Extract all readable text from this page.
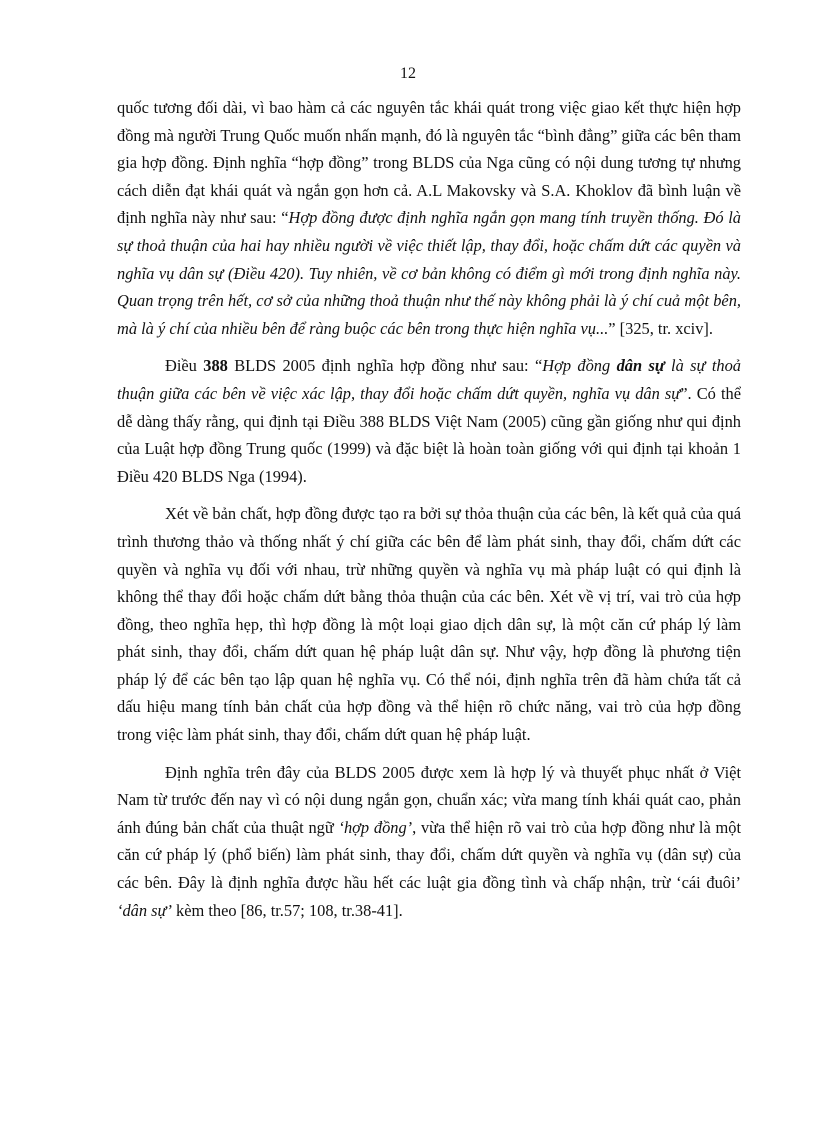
12

quốc tương đối dài, vì bao hàm cả các nguyên tắc khái quát trong việc giao kết thực hiện hợp đồng mà người Trung Quốc muốn nhấn mạnh, đó là nguyên tắc “bình đẳng” giữa các bên tham gia hợp đồng. Định nghĩa “hợp đồng” trong BLDS của Nga cũng có nội dung tương tự nhưng cách diễn đạt khái quát và ngắn gọn hơn cả. A.L Makovsky và S.A. Khoklov đã bình luận về định nghĩa này như sau: “Hợp đồng được định nghĩa ngắn gọn mang tính truyền thống. Đó là sự thoả thuận của hai hay nhiều người về việc thiết lập, thay đổi, hoặc chấm dứt các quyền và nghĩa vụ dân sự (Điều 420). Tuy nhiên, về cơ bản không có điểm gì mới trong định nghĩa này. Quan trọng trên hết, cơ sở của những thoả thuận như thế này không phải là ý chí cuả một bên, mà là ý chí của nhiều bên để ràng buộc các bên trong thực hiện nghĩa vụ...” [325, tr. xciv].

Điều 388 BLDS 2005 định nghĩa hợp đồng như sau: “Hợp đồng dân sự là sự thoả thuận giữa các bên về việc xác lập, thay đổi hoặc chấm dứt quyền, nghĩa vụ dân sự”. Có thể dễ dàng thấy rằng, qui định tại Điều 388 BLDS Việt Nam (2005) cũng gần giống như qui định của Luật hợp đồng Trung quốc (1999) và đặc biệt là hoàn toàn giống với qui định tại khoản 1 Điều 420 BLDS Nga (1994).

Xét về bản chất, hợp đồng được tạo ra bởi sự thỏa thuận của các bên, là kết quả của quá trình thương thảo và thống nhất ý chí giữa các bên để làm phát sinh, thay đổi, chấm dứt các quyền và nghĩa vụ đối với nhau, trừ những quyền và nghĩa vụ mà pháp luật có qui định là không thể thay đổi hoặc chấm dứt bằng thỏa thuận của các bên. Xét về vị trí, vai trò của hợp đồng, theo nghĩa hẹp, thì hợp đồng là một loại giao dịch dân sự, là một căn cứ pháp lý làm phát sinh, thay đổi, chấm dứt quan hệ pháp luật dân sự. Như vậy, hợp đồng là phương tiện pháp lý để các bên tạo lập quan hệ nghĩa vụ. Có thể nói, định nghĩa trên đã hàm chứa tất cả dấu hiệu mang tính bản chất của hợp đồng và thể hiện rõ chức năng, vai trò của hợp đồng trong việc làm phát sinh, thay đổi, chấm dứt quan hệ pháp luật.

Định nghĩa trên đây của BLDS 2005 được xem là hợp lý và thuyết phục nhất ở Việt Nam từ trước đến nay vì có nội dung ngắn gọn, chuẩn xác; vừa mang tính khái quát cao, phản ánh đúng bản chất của thuật ngữ ‘hợp đồng’, vừa thể hiện rõ vai trò của hợp đồng như là một căn cứ pháp lý (phổ biến) làm phát sinh, thay đổi, chấm dứt quyền và nghĩa vụ (dân sự) của các bên. Đây là định nghĩa được hầu hết các luật gia đồng tình và chấp nhận, trừ ‘cái đuôi’ ‘dân sự’ kèm theo [86, tr.57; 108, tr.38-41].
